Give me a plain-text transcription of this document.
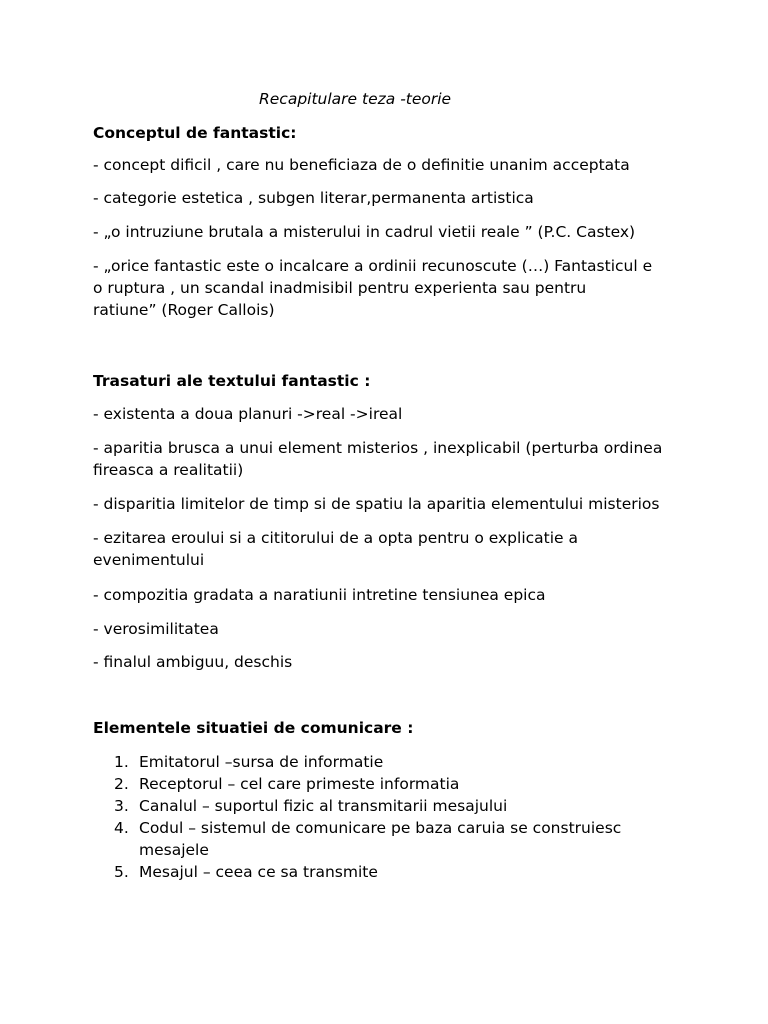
Recapitulare teza -teorie

Conceptul de fantastic:

- concept dificil , care nu beneficiaza de o definitie unanim acceptata

- categorie estetica , subgen literar,permanenta artistica

- „o intruziune brutala a misterului in cadrul vietii reale ” (P.C. Castex)

- „orice fantastic este o incalcare a ordinii recunoscute (…) Fantasticul e o ruptura , un scandal inadmisibil pentru experienta sau pentru ratiune” (Roger Callois)

Trasaturi ale textului fantastic :

- existenta a doua planuri ->real ->ireal

- aparitia brusca a unui element misterios , inexplicabil (perturba ordinea fireasca a realitatii)

- disparitia limitelor de timp si de spatiu la aparitia elementului misterios

- ezitarea eroului si a cititorului de a opta pentru o explicatie a evenimentului

- compozitia gradata a naratiunii intretine tensiunea epica

- verosimilitatea

- finalul ambiguu, deschis

Elementele situatiei de comunicare :

1. Emitatorul –sursa de informatie
2. Receptorul – cel care primeste informatia
3. Canalul – suportul fizic al transmitarii mesajului
4. Codul – sistemul de comunicare pe baza caruia se construiesc mesajele
5. Mesajul – ceea ce sa transmite
